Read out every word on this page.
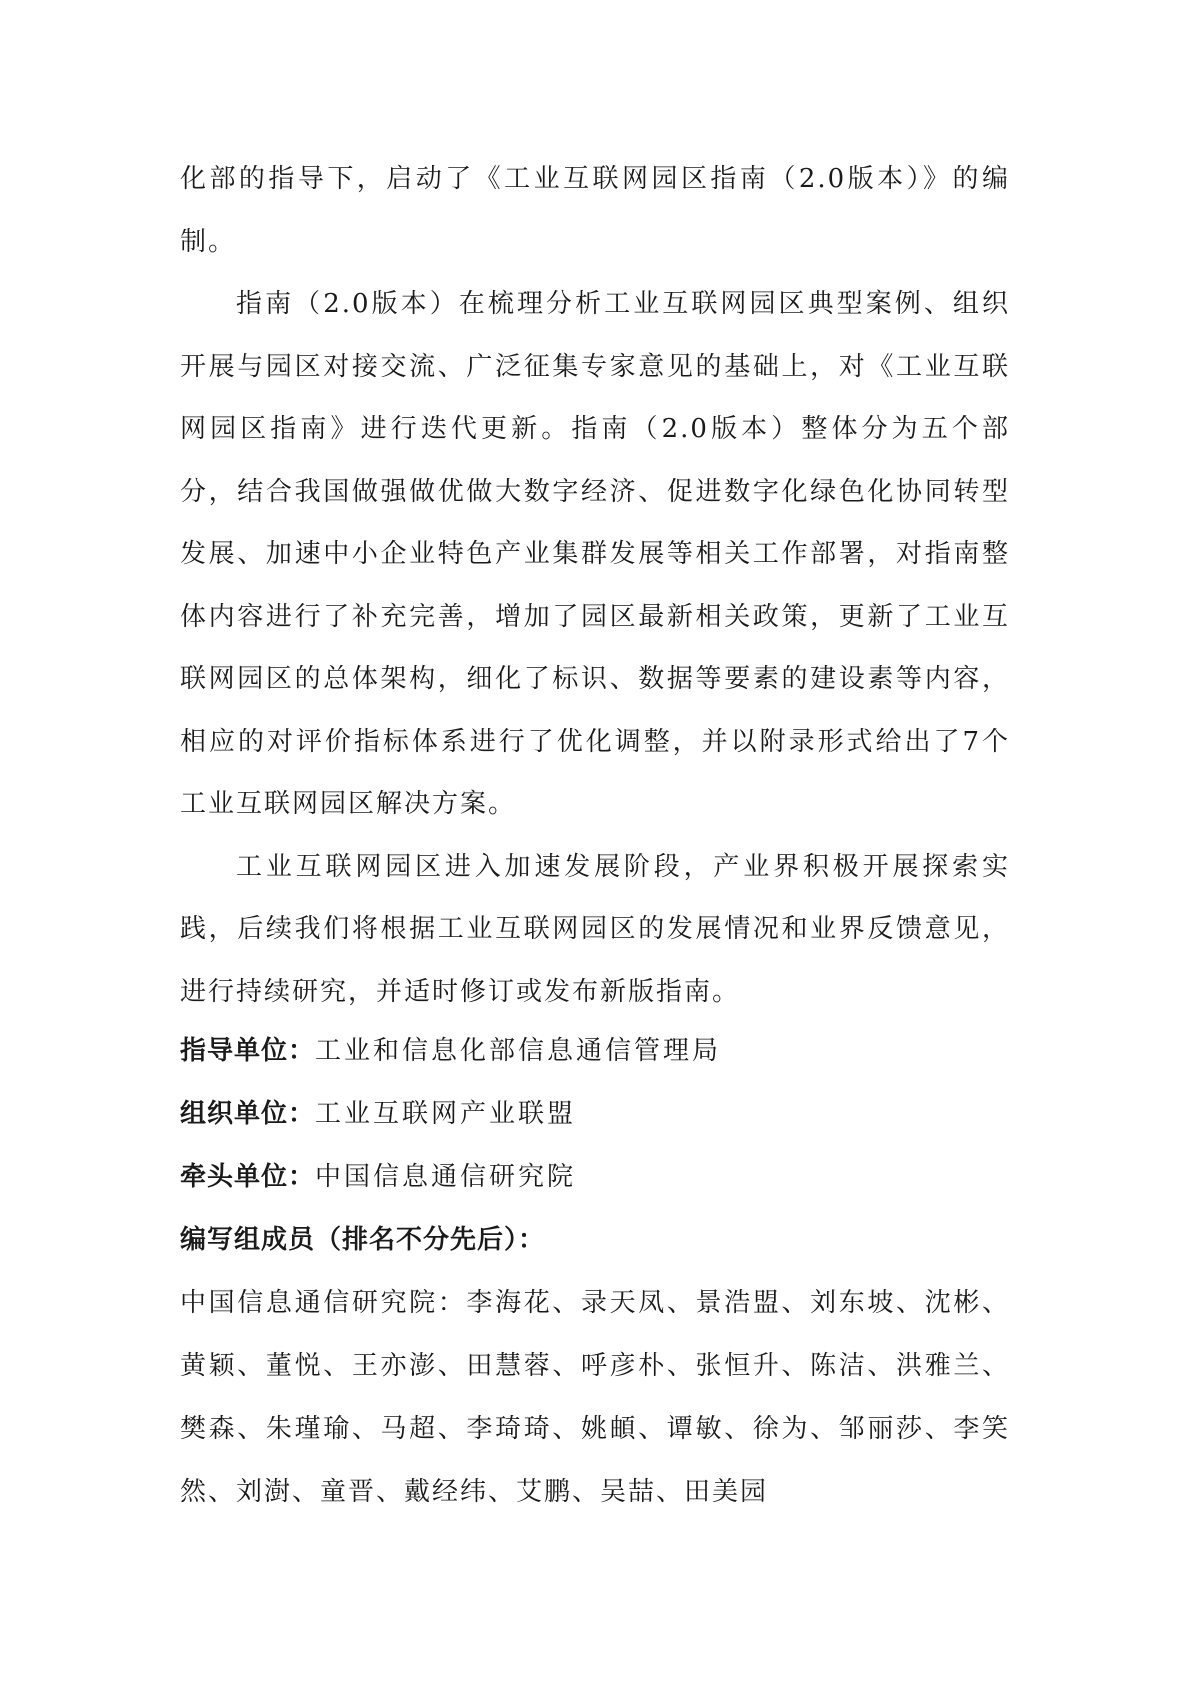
化部的指导下，启动了《工业互联网园区指南（2.0版本）》的编制。

指南（2.0版本）在梳理分析工业互联网园区典型案例、组织开展与园区对接交流、广泛征集专家意见的基础上，对《工业互联网园区指南》进行迭代更新。指南（2.0版本）整体分为五个部分，结合我国做强做优做大数字经济、促进数字化绿色化协同转型发展、加速中小企业特色产业集群发展等相关工作部署，对指南整体内容进行了补充完善，增加了园区最新相关政策，更新了工业互联网园区的总体架构，细化了标识、数据等要素的建设素等内容，相应的对评价指标体系进行了优化调整，并以附录形式给出了7个工业互联网园区解决方案。

工业互联网园区进入加速发展阶段，产业界积极开展探索实践，后续我们将根据工业互联网园区的发展情况和业界反馈意见，进行持续研究，并适时修订或发布新版指南。

指导单位：工业和信息化部信息通信管理局

组织单位：工业互联网产业联盟

牵头单位：中国信息通信研究院

编写组成员（排名不分先后）：

中国信息通信研究院：李海花、录天凤、景浩盟、刘东坡、沈彬、黄颖、董悦、王亦澎、田慧蓉、呼彦朴、张恒升、陈洁、洪雅兰、樊森、朱瑾瑜、马超、李琦琦、姚頔、谭敏、徐为、邹丽莎、李笑然、刘澍、童晋、戴经纬、艾鹏、吴喆、田美园
